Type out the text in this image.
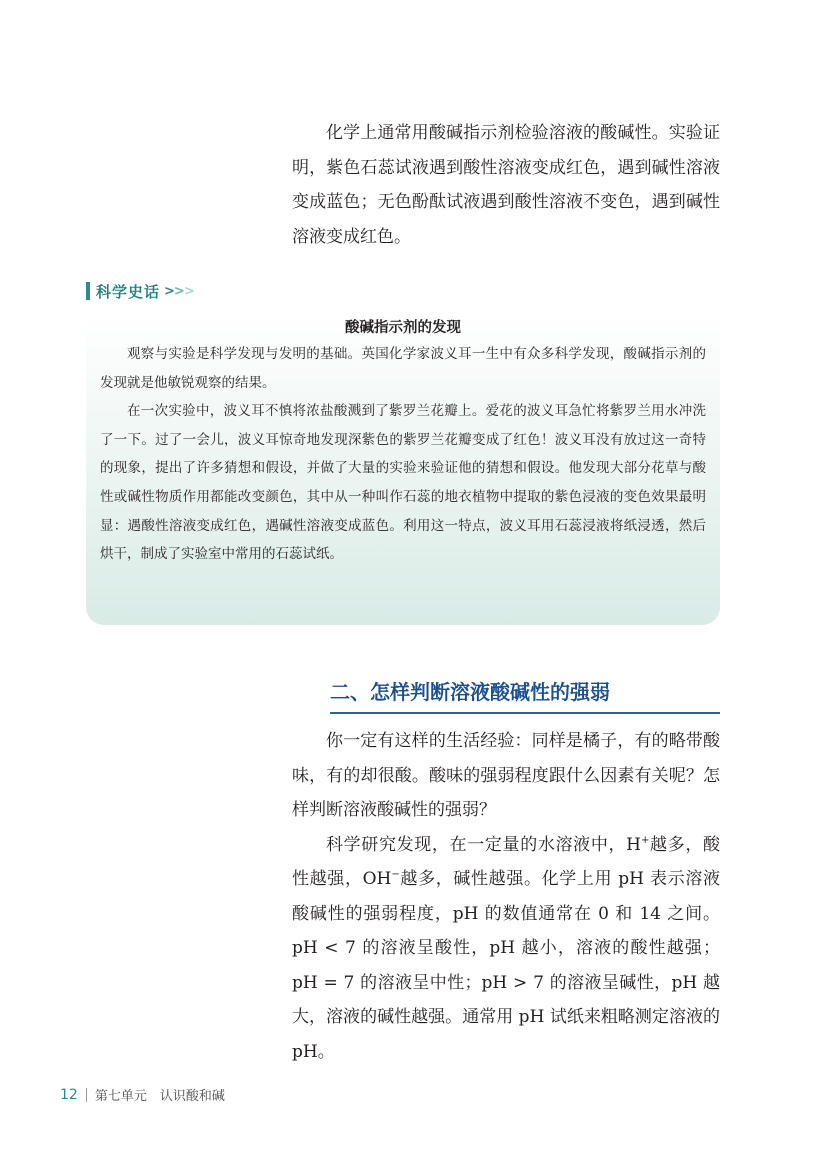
化学上通常用酸碱指示剂检验溶液的酸碱性。实验证明，紫色石蕊试液遇到酸性溶液变成红色，遇到碱性溶液变成蓝色；无色酚酞试液遇到酸性溶液不变色，遇到碱性溶液变成红色。

科学史话 >>>
酸碱指示剂的发现

观察与实验是科学发现与发明的基础。英国化学家波义耳一生中有众多科学发现，酸碱指示剂的发现就是他敏锐观察的结果。

在一次实验中，波义耳不慎将浓盐酸溅到了紫罗兰花瓣上。爱花的波义耳急忙将紫罗兰用水冲洗了一下。过了一会儿，波义耳惊奇地发现深紫色的紫罗兰花瓣变成了红色！波义耳没有放过这一奇特的现象，提出了许多猜想和假设，并做了大量的实验来验证他的猜想和假设。他发现大部分花草与酸性或碱性物质作用都能改变颜色，其中从一种叫作石蕊的地衣植物中提取的紫色浸液的变色效果最明显：遇酸性溶液变成红色，遇碱性溶液变成蓝色。利用这一特点，波义耳用石蕊浸液将纸浸透，然后烘干，制成了实验室中常用的石蕊试纸。

二、怎样判断溶液酸碱性的强弱

你一定有这样的生活经验：同样是橘子，有的略带酸味，有的却很酸。酸味的强弱程度跟什么因素有关呢？怎样判断溶液酸碱性的强弱？

科学研究发现，在一定量的水溶液中，H+越多，酸性越强，OH−越多，碱性越强。化学上用 pH 表示溶液酸碱性的强弱程度，pH 的数值通常在 0 和 14 之间。pH < 7 的溶液呈酸性，pH 越小，溶液的酸性越强；pH = 7 的溶液呈中性；pH > 7 的溶液呈碱性，pH 越大，溶液的碱性越强。通常用 pH 试纸来粗略测定溶液的 pH。

12 第七单元　认识酸和碱
